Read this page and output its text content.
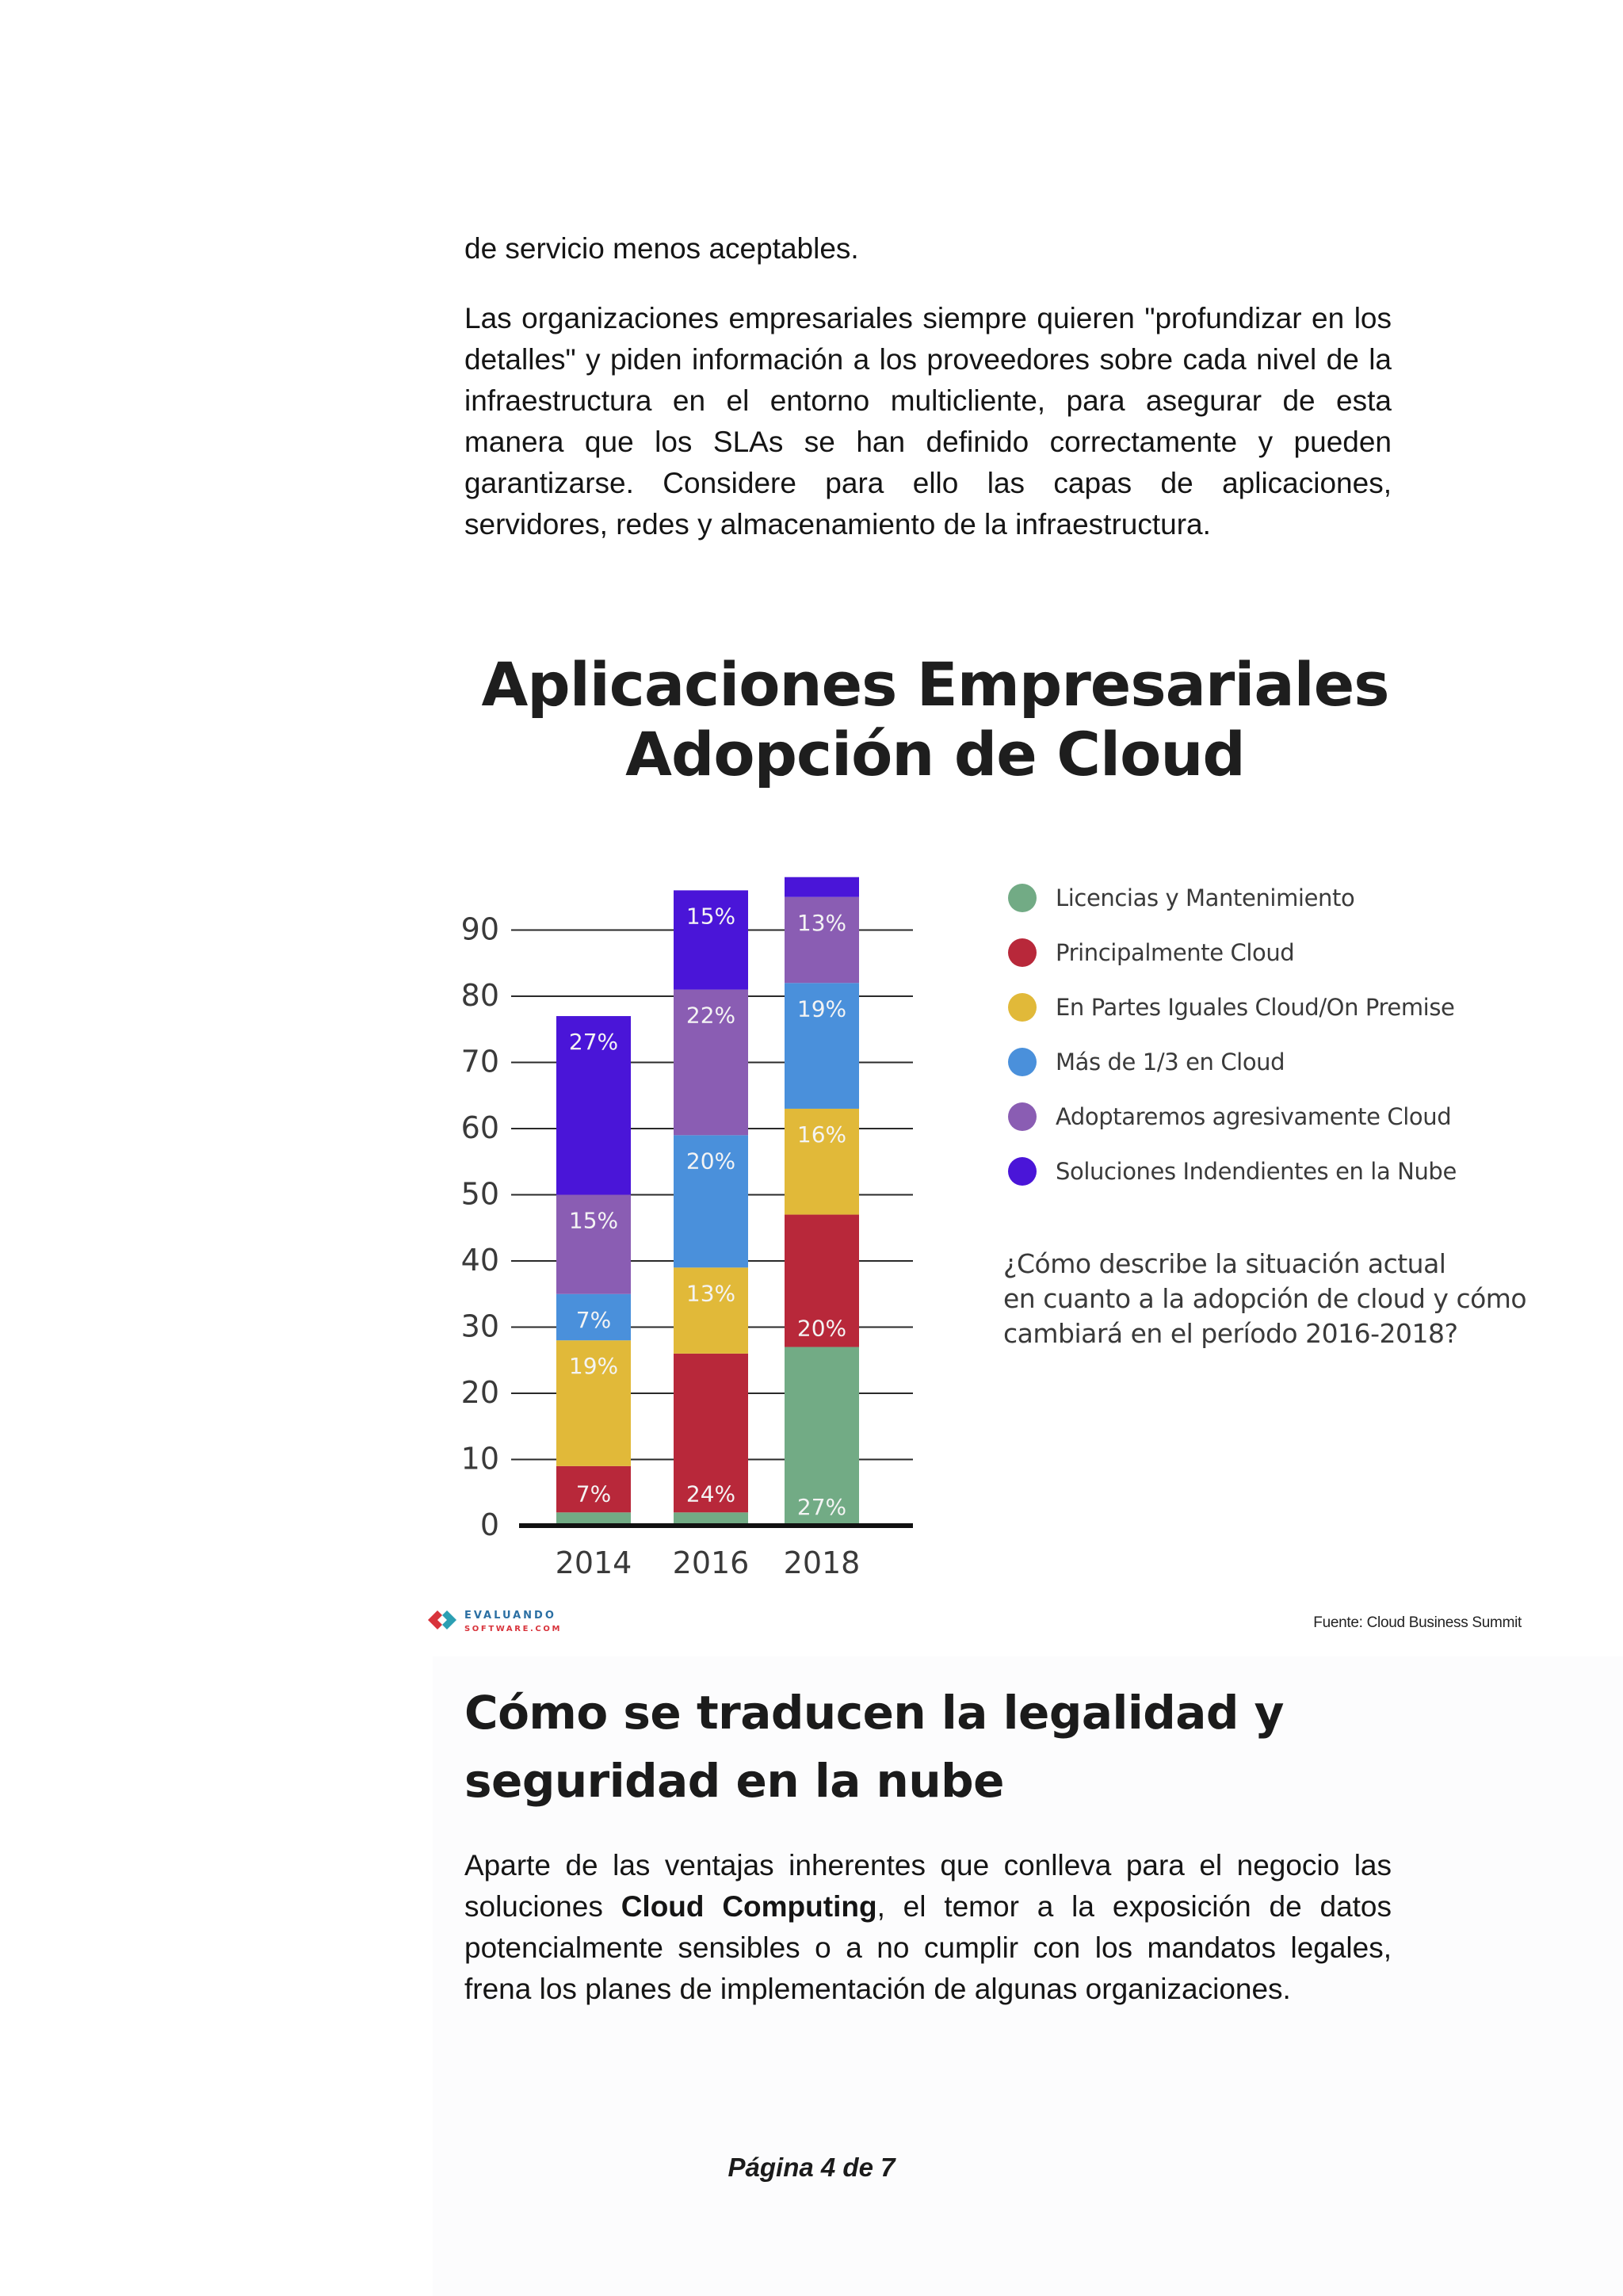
de servicio menos aceptables.

Las organizaciones empresariales siempre quieren "profundizar en los detalles" y piden información a los proveedores sobre cada nivel de la infraestructura en el entorno multicliente, para asegurar de esta manera que los SLAs se han definido correctamente y pueden garantizarse. Considere para ello las capas de aplicaciones, servidores, redes y almacenamiento de la infraestructura.

Aplicaciones Empresariales
Adopción de Cloud
0
10
20
30
40
50
60
70
80
90
7%
19%
7%
15%
27%
2014
24%
13%
20%
22%
15%
2016
27%
20%
16%
19%
13%
2018
Licencias y Mantenimiento
Principalmente Cloud
En Partes Iguales Cloud/On Premise
Más de 1/3 en Cloud
Adoptaremos agresivamente Cloud
Soluciones Indendientes en la Nube
¿Cómo describe la situación actual
en cuanto a la adopción de cloud y cómo
cambiará en el período 2016-2018?
EVALUANDO
SOFTWARE.COM	Fuente: Cloud Business Summit
Cómo se traducen la legalidad y seguridad en la nube

Aparte de las ventajas inherentes que conlleva para el negocio las soluciones Cloud Computing, el temor a la exposición de datos potencialmente sensibles o a no cumplir con los mandatos legales, frena los planes de implementación de algunas organizaciones.

Página 4 de 7
